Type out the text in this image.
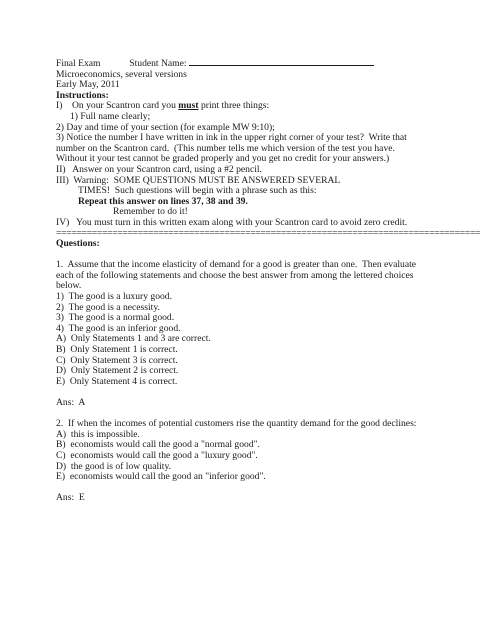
Final Exam	Student Name:
Microeconomics, several versions
Early May, 2011
Instructions:
I)    On your Scantron card you must print three things:
1) Full name clearly;
2) Day and time of your section (for example MW 9:10);
3) Notice the number I have written in ink in the upper right corner of your test?  Write that
number on the Scantron card.  (This number tells me which version of the test you have.
Without it your test cannot be graded properly and you get no credit for your answers.)
II)   Answer on your Scantron card, using a #2 pencil.
III)  Warning:  SOME QUESTIONS MUST BE ANSWERED SEVERAL
TIMES!  Such questions will begin with a phrase such as this:
Repeat this answer on lines 37, 38 and 39.
Remember to do it!
IV)   You must turn in this written exam along with your Scantron card to avoid zero credit.
===================================================================================
Questions:
1.  Assume that the income elasticity of demand for a good is greater than one.  Then evaluate
each of the following statements and choose the best answer from among the lettered choices
below.
1)  The good is a luxury good.
2)  The good is a necessity.
3)  The good is a normal good.
4)  The good is an inferior good.
A)  Only Statements 1 and 3 are correct.
B)  Only Statement 1 is correct.
C)  Only Statement 3 is correct.
D)  Only Statement 2 is correct.
E)  Only Statement 4 is correct.
Ans:  A
2.  If when the incomes of potential customers rise the quantity demand for the good declines:
A)  this is impossible.
B)  economists would call the good a "normal good".
C)  economists would call the good a "luxury good".
D)  the good is of low quality.
E)  economists would call the good an "inferior good".
Ans:  E
